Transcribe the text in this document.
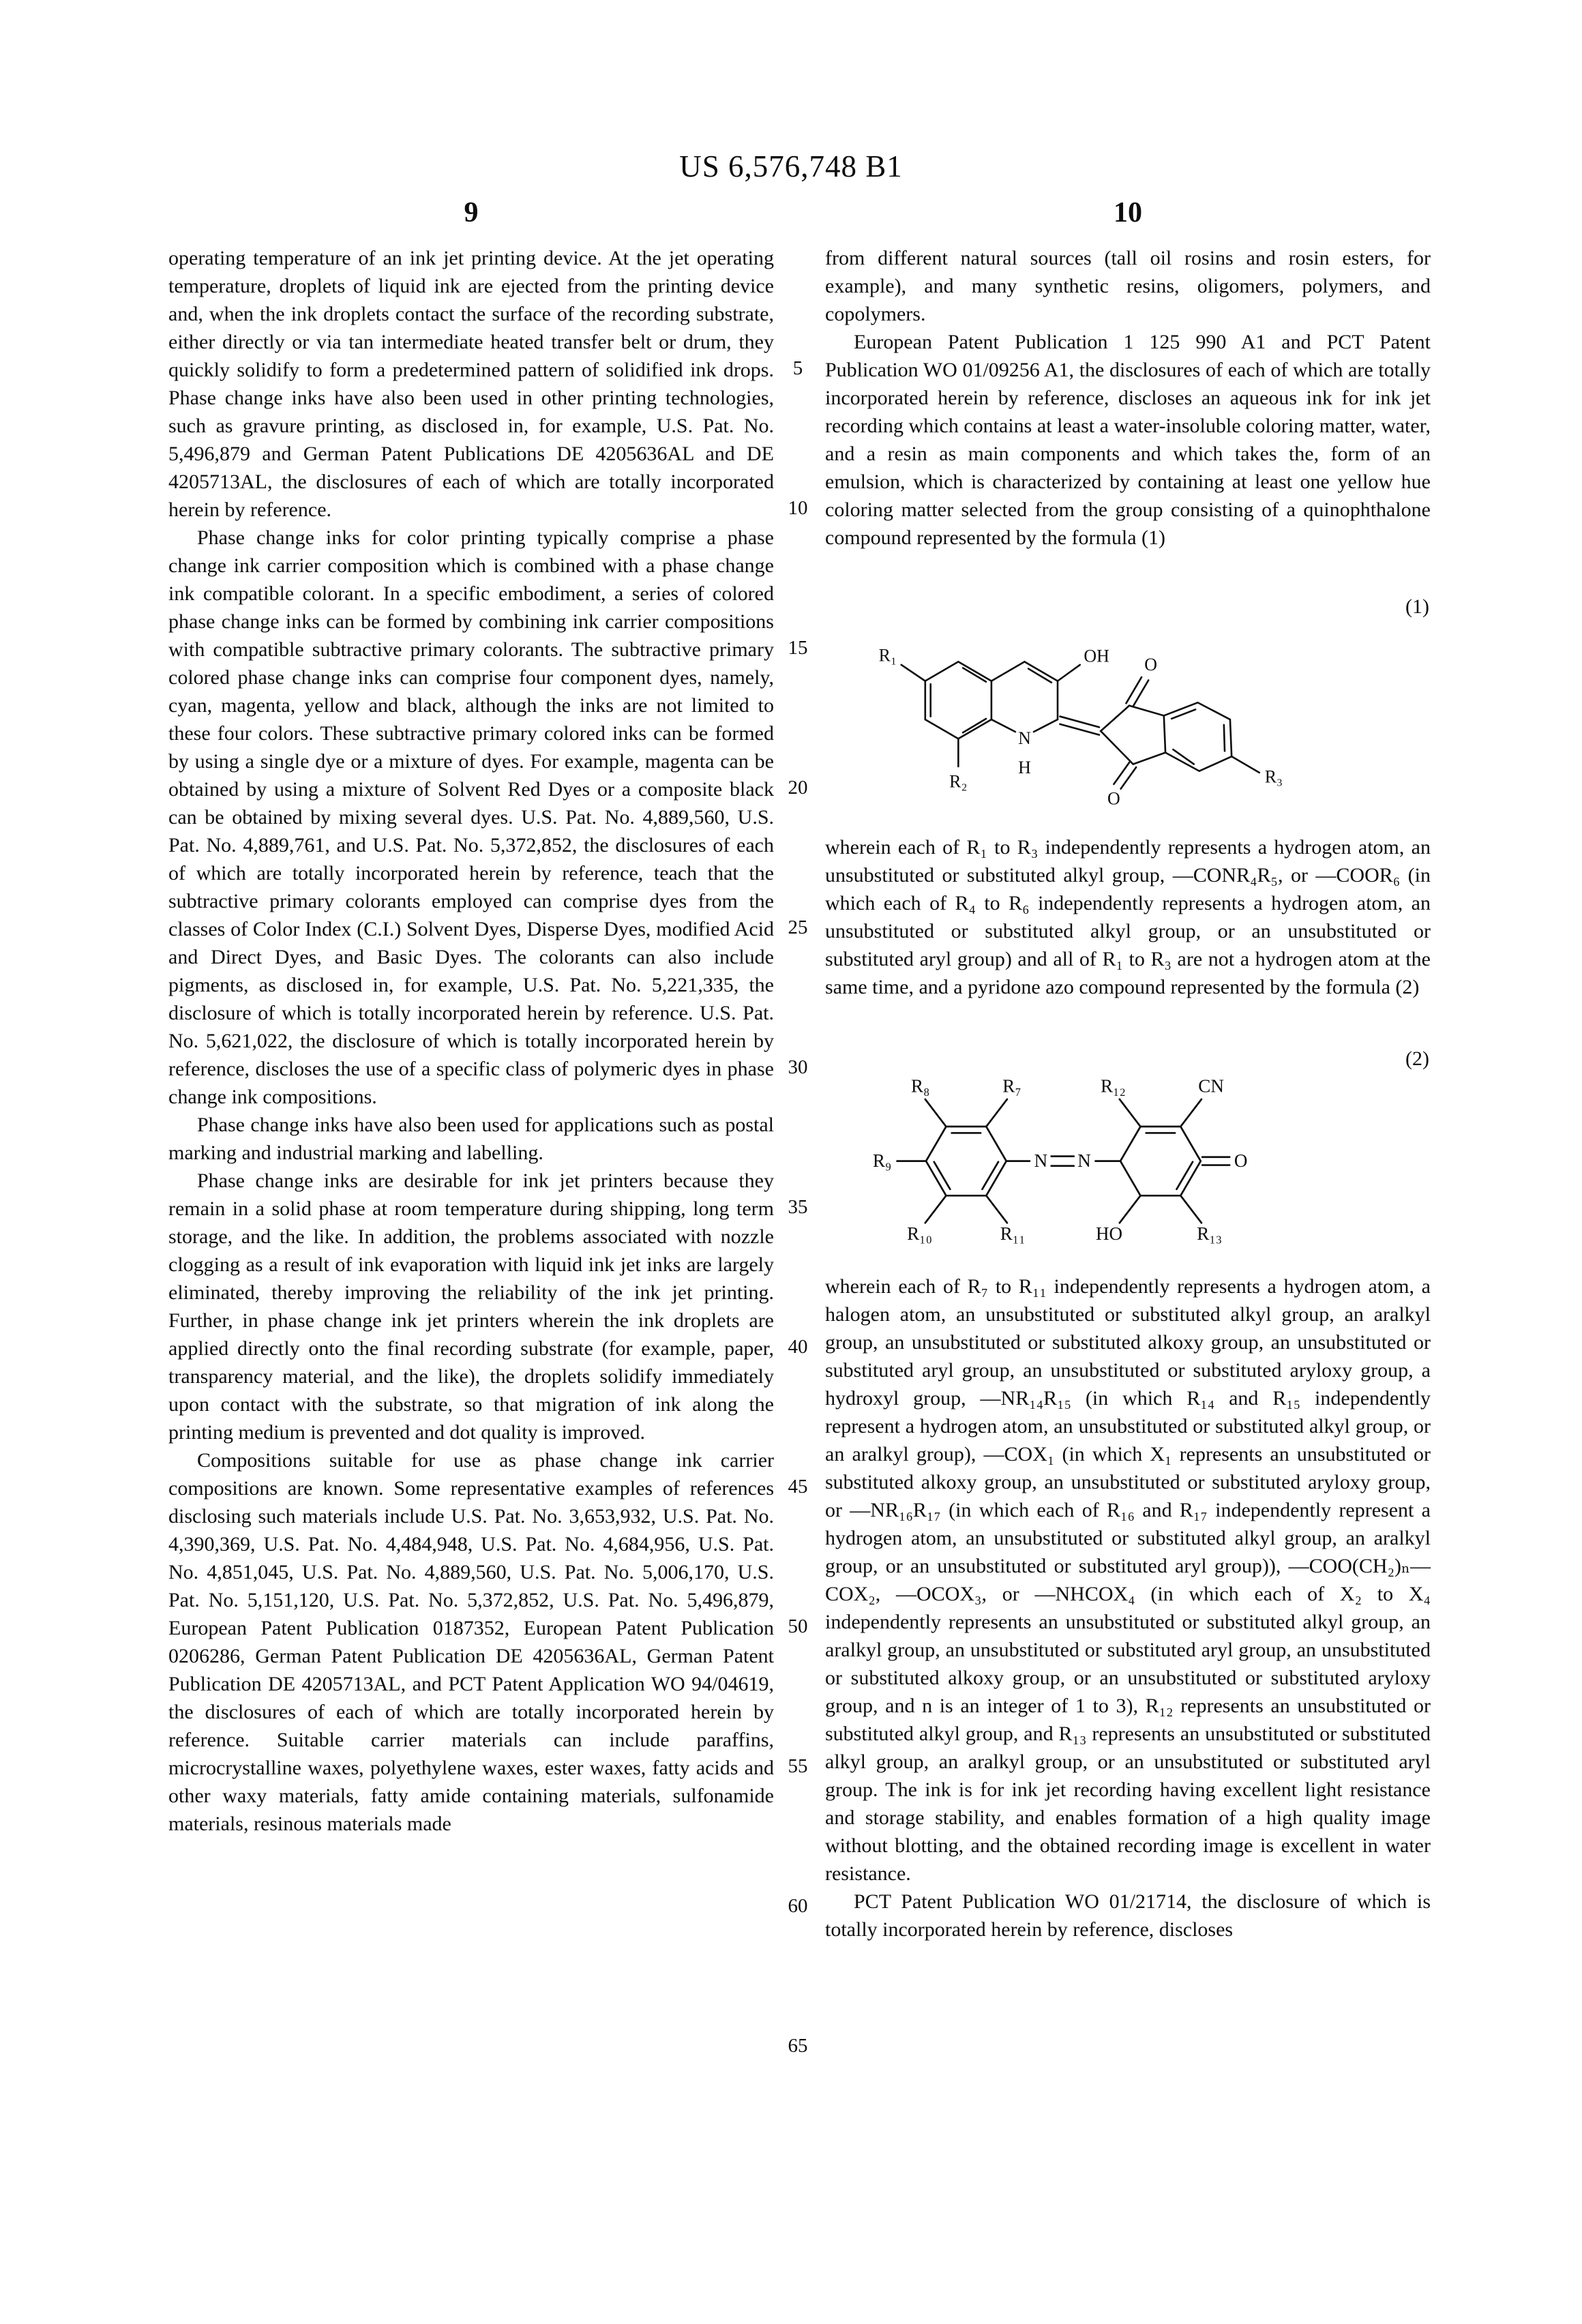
US 6,576,748 B1
9	10
5
10
15
20
25
30
35
40
45
50
55
60
65

operating temperature of an ink jet printing device. At the jet operating temperature, droplets of liquid ink are ejected from the printing device and, when the ink droplets contact the surface of the recording substrate, either directly or via tan intermediate heated transfer belt or drum, they quickly solidify to form a predetermined pattern of solidified ink drops. Phase change inks have also been used in other printing technologies, such as gravure printing, as disclosed in, for example, U.S. Pat. No. 5,496,879 and German Patent Publications DE 4205636AL and DE 4205713AL, the disclosures of each of which are totally incorporated herein by reference.

Phase change inks for color printing typically comprise a phase change ink carrier composition which is combined with a phase change ink compatible colorant. In a specific embodiment, a series of colored phase change inks can be formed by combining ink carrier compositions with compatible subtractive primary colorants. The subtractive primary colored phase change inks can comprise four component dyes, namely, cyan, magenta, yellow and black, although the inks are not limited to these four colors. These subtractive primary colored inks can be formed by using a single dye or a mixture of dyes. For example, magenta can be obtained by using a mixture of Solvent Red Dyes or a composite black can be obtained by mixing several dyes. U.S. Pat. No. 4,889,560, U.S. Pat. No. 4,889,761, and U.S. Pat. No. 5,372,852, the disclosures of each of which are totally incorporated herein by reference, teach that the subtractive primary colorants employed can comprise dyes from the classes of Color Index (C.I.) Solvent Dyes, Disperse Dyes, modified Acid and Direct Dyes, and Basic Dyes. The colorants can also include pigments, as disclosed in, for example, U.S. Pat. No. 5,221,335, the disclosure of which is totally incorporated herein by reference. U.S. Pat. No. 5,621,022, the disclosure of which is totally incorporated herein by reference, discloses the use of a specific class of polymeric dyes in phase change ink compositions.

Phase change inks have also been used for applications such as postal marking and industrial marking and labelling.

Phase change inks are desirable for ink jet printers because they remain in a solid phase at room temperature during shipping, long term storage, and the like. In addition, the problems associated with nozzle clogging as a result of ink evaporation with liquid ink jet inks are largely eliminated, thereby improving the reliability of the ink jet printing. Further, in phase change ink jet printers wherein the ink droplets are applied directly onto the final recording substrate (for example, paper, transparency material, and the like), the droplets solidify immediately upon contact with the substrate, so that migration of ink along the printing medium is prevented and dot quality is improved.

Compositions suitable for use as phase change ink carrier compositions are known. Some representative examples of references disclosing such materials include U.S. Pat. No. 3,653,932, U.S. Pat. No. 4,390,369, U.S. Pat. No. 4,484,948, U.S. Pat. No. 4,684,956, U.S. Pat. No. 4,851,045, U.S. Pat. No. 4,889,560, U.S. Pat. No. 5,006,170, U.S. Pat. No. 5,151,120, U.S. Pat. No. 5,372,852, U.S. Pat. No. 5,496,879, European Patent Publication 0187352, European Patent Publication 0206286, German Patent Publication DE 4205636AL, German Patent Publication DE 4205713AL, and PCT Patent Application WO 94/04619, the disclosures of each of which are totally incorporated herein by reference. Suitable carrier materials can include paraffins, microcrystalline waxes, polyethylene waxes, ester waxes, fatty acids and other waxy materials, fatty amide containing materials, sulfonamide materials, resinous materials made

from different natural sources (tall oil rosins and rosin esters, for example), and many synthetic resins, oligomers, polymers, and copolymers.

European Patent Publication 1 125 990 A1 and PCT Patent Publication WO 01/09256 A1, the disclosures of each of which are totally incorporated herein by reference, discloses an aqueous ink for ink jet recording which contains at least a water-insoluble coloring matter, water, and a resin as main components and which takes the, form of an emulsion, which is characterized by containing at least one yellow hue coloring matter selected from the group consisting of a quinophthalone compound represented by the formula (1)

(1)
R₁	OH
R₂
N
H
O
O
R₃

wherein each of R₁ to R₃ independently represents a hydrogen atom, an unsubstituted or substituted alkyl group, —CONR₄R₅, or —COOR₆ (in which each of R₄ to R₆ independently represents a hydrogen atom, an unsubstituted or substituted alkyl group, or an unsubstituted or substituted aryl group) and all of R₁ to R₃ are not a hydrogen atom at the same time, and a pyridone azo compound represented by the formula (2)

(2)
R₈	R₇
R₉
R₁₀	R₁₁
N N
R₁₂	CN
O
HO	R₁₃

wherein each of R₇ to R₁₁ independently represents a hydrogen atom, a halogen atom, an unsubstituted or substituted alkyl group, an aralkyl group, an unsubstituted or substituted alkoxy group, an unsubstituted or substituted aryl group, an unsubstituted or substituted aryloxy group, a hydroxyl group, —NR₁₄R₁₅ (in which R₁₄ and R₁₅ independently represent a hydrogen atom, an unsubstituted or substituted alkyl group, or an aralkyl group), —COX₁ (in which X₁ represents an unsubstituted or substituted alkoxy group, an unsubstituted or substituted aryloxy group, or —NR₁₆R₁₇ (in which each of R₁₆ and R₁₇ independently represent a hydrogen atom, an unsubstituted or substituted alkyl group, an aralkyl group, or an unsubstituted or substituted aryl group)), —COO(CH₂)ₙ—COX₂, —OCOX₃, or —NHCOX₄ (in which each of X₂ to X₄ independently represents an unsubstituted or substituted alkyl group, an aralkyl group, an unsubstituted or substituted aryl group, an unsubstituted or substituted alkoxy group, or an unsubstituted or substituted aryloxy group, and n is an integer of 1 to 3), R₁₂ represents an unsubstituted or substituted alkyl group, and R₁₃ represents an unsubstituted or substituted alkyl group, an aralkyl group, or an unsubstituted or substituted aryl group. The ink is for ink jet recording having excellent light resistance and storage stability, and enables formation of a high quality image without blotting, and the obtained recording image is excellent in water resistance.

PCT Patent Publication WO 01/21714, the disclosure of which is totally incorporated herein by reference, discloses
